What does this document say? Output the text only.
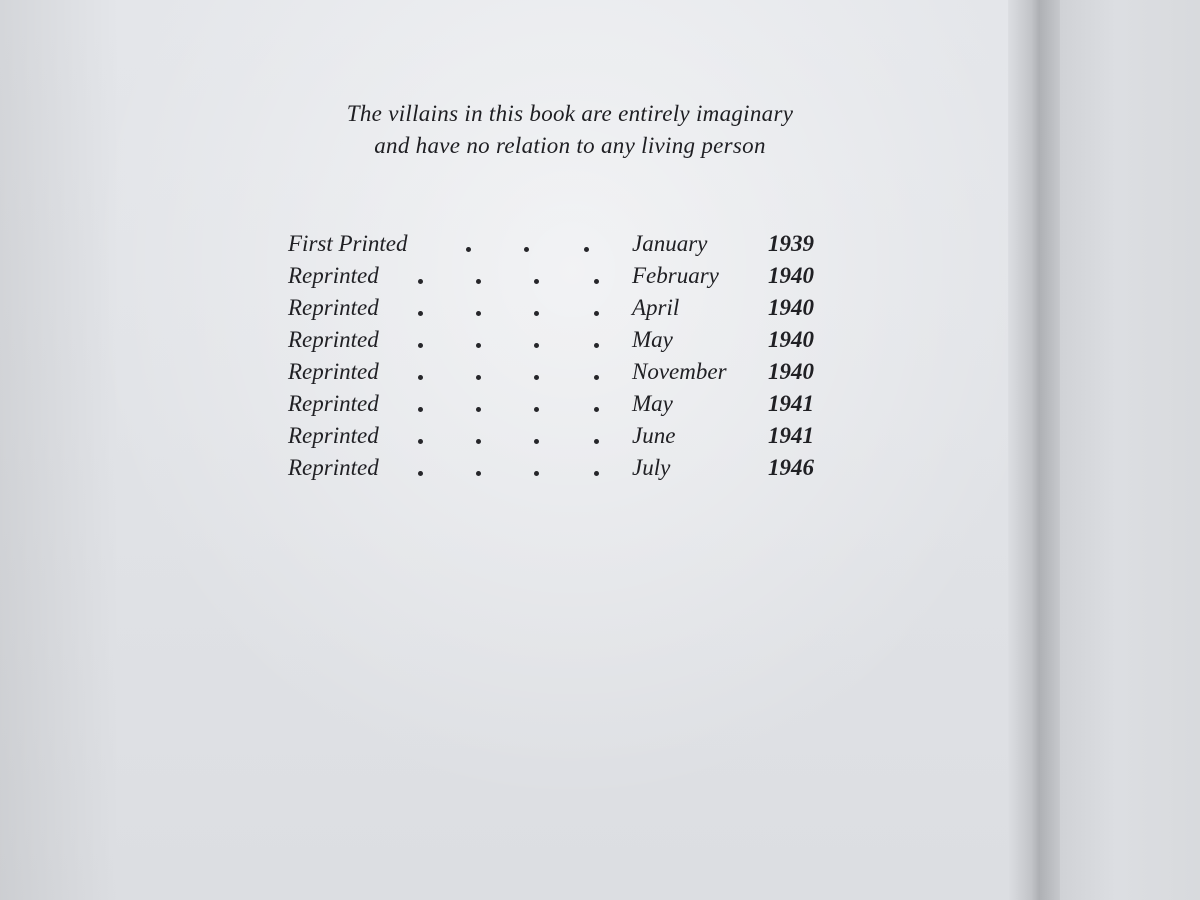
The villains in this book are entirely imaginary
and have no relation to any living person
First Printed	January	1939
Reprinted	February 1940
Reprinted	April	1940
Reprinted	May	1940
Reprinted	November 1940
Reprinted	May	1941
Reprinted	June	1941
Reprinted	July	1946
